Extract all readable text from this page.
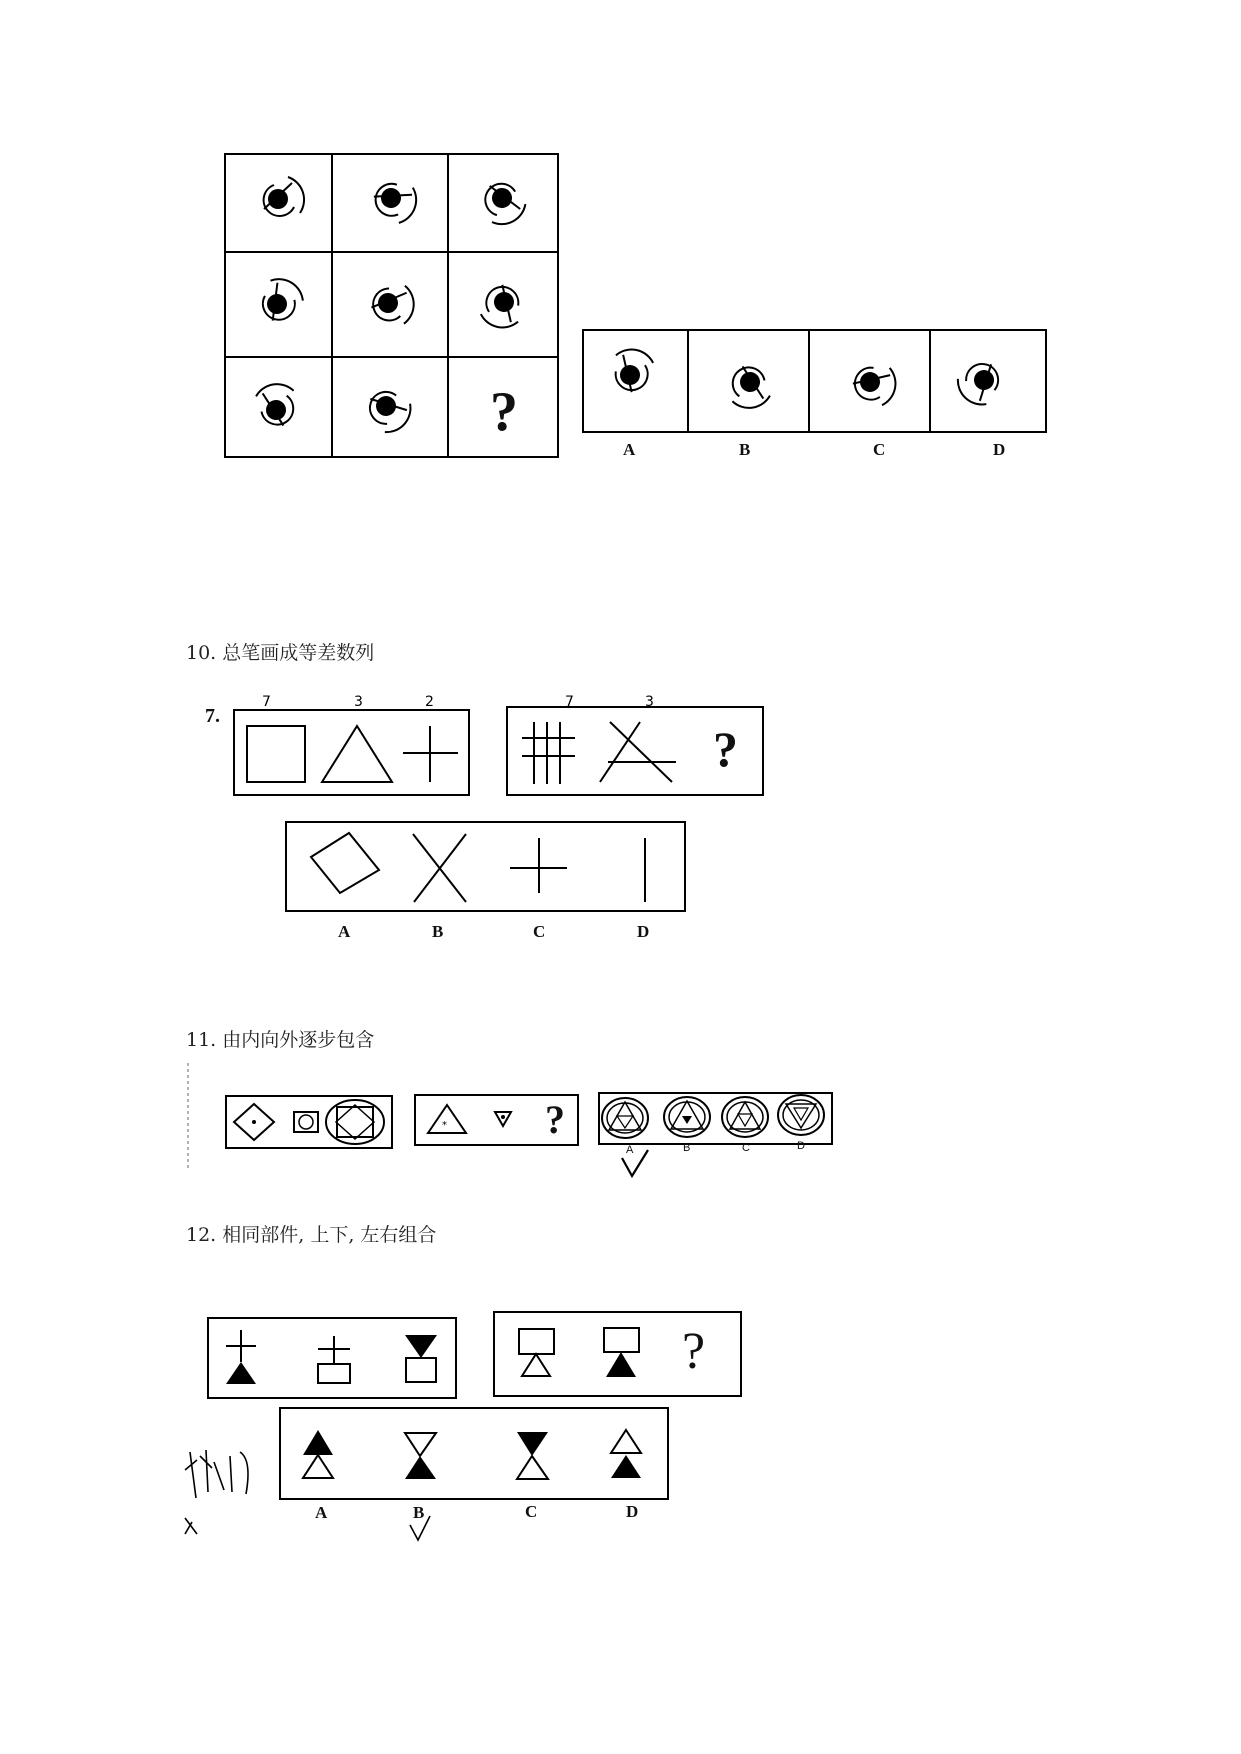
7	3	2	7	3
*
?
A	B	C	D
10. 总笔画成等差数列
7.
?
A	B	C	D
11. 由内向外逐步包含
?
A	B	C	D
12. 相同部件, 上下, 左右组合
?
A	B	C	D
